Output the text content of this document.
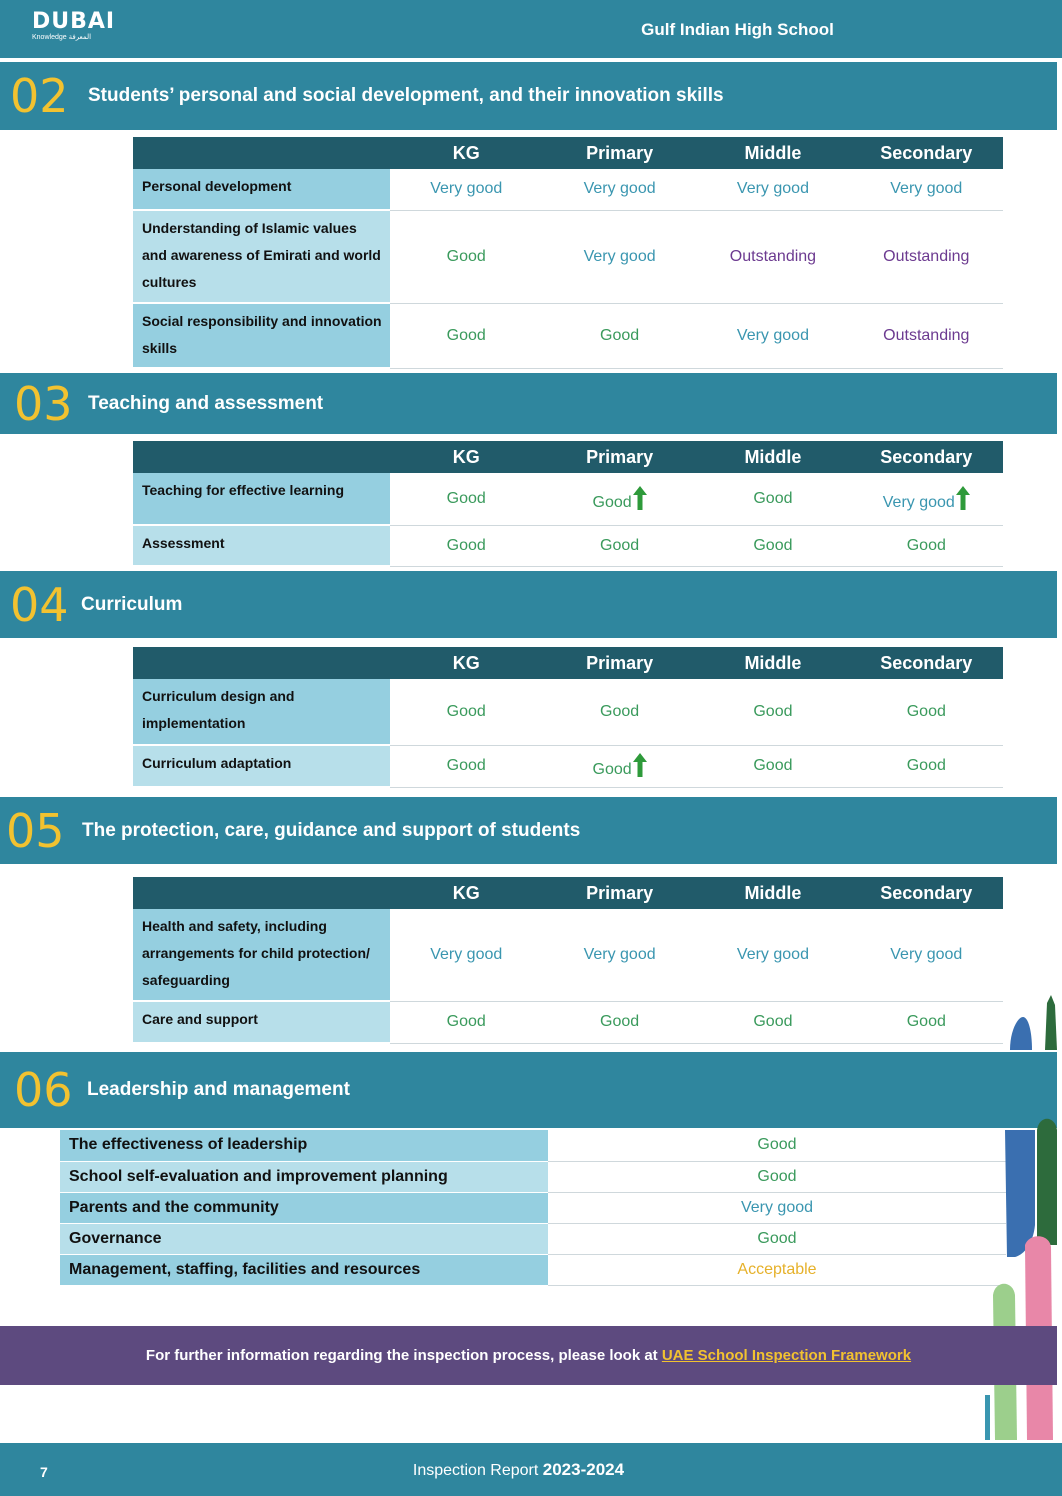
DUBAI
Knowledge المعرفة	Gulf Indian High School
02 Students’ personal and social development, and their innovation skills
	KG	Primary	Middle	Secondary
Personal development	Very good	Very good	Very good	Very good
Understanding of Islamic values and awareness of Emirati and world cultures	Good	Very good	Outstanding	Outstanding
Social responsibility and innovation skills	Good	Good	Very good	Outstanding
03 Teaching and assessment
	KG	Primary	Middle	Secondary
Teaching for effective learning	Good	Good	Good	Very good
Assessment	Good	Good	Good	Good
04 Curriculum
	KG	Primary	Middle	Secondary
Curriculum design and implementation	Good	Good	Good	Good
Curriculum adaptation	Good	Good	Good	Good
05 The protection, care, guidance and support of students
	KG	Primary	Middle	Secondary
Health and safety, including arrangements for child protection/ safeguarding	Very good	Very good	Very good	Very good
Care and support	Good	Good	Good	Good
06 Leadership and management
The effectiveness of leadership	Good
School self-evaluation and improvement planning	Good
Parents and the community	Very good
Governance	Good
Management, staffing, facilities and resources	Acceptable
For further information regarding the inspection process, please look at UAE School Inspection Framework
7	Inspection Report 2023-2024
